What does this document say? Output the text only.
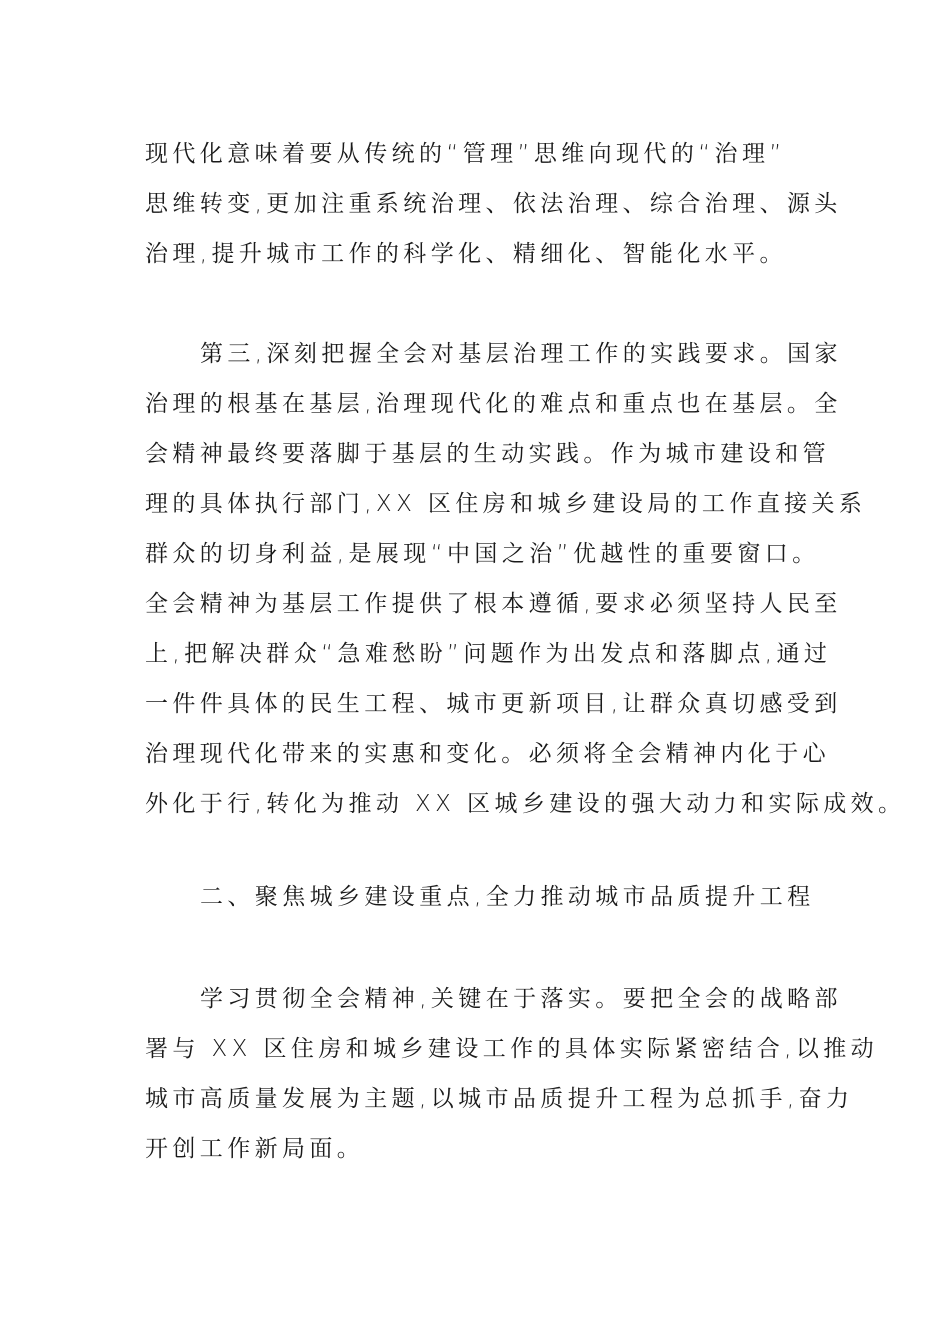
现代化意味着要从传统的“管理”思维向现代的“治理”
思维转变,更加注重系统治理、依法治理、综合治理、源头
治理,提升城市工作的科学化、精细化、智能化水平。
第三,深刻把握全会对基层治理工作的实践要求。国家
治理的根基在基层,治理现代化的难点和重点也在基层。全
会精神最终要落脚于基层的生动实践。作为城市建设和管
理的具体执行部门,XX 区住房和城乡建设局的工作直接关系
群众的切身利益,是展现“中国之治”优越性的重要窗口。
全会精神为基层工作提供了根本遵循,要求必须坚持人民至
上,把解决群众“急难愁盼”问题作为出发点和落脚点,通过
一件件具体的民生工程、城市更新项目,让群众真切感受到
治理现代化带来的实惠和变化。必须将全会精神内化于心
外化于行,转化为推动 XX 区城乡建设的强大动力和实际成效。
二、聚焦城乡建设重点,全力推动城市品质提升工程
学习贯彻全会精神,关键在于落实。要把全会的战略部
署与 XX 区住房和城乡建设工作的具体实际紧密结合,以推动
城市高质量发展为主题,以城市品质提升工程为总抓手,奋力
开创工作新局面。
